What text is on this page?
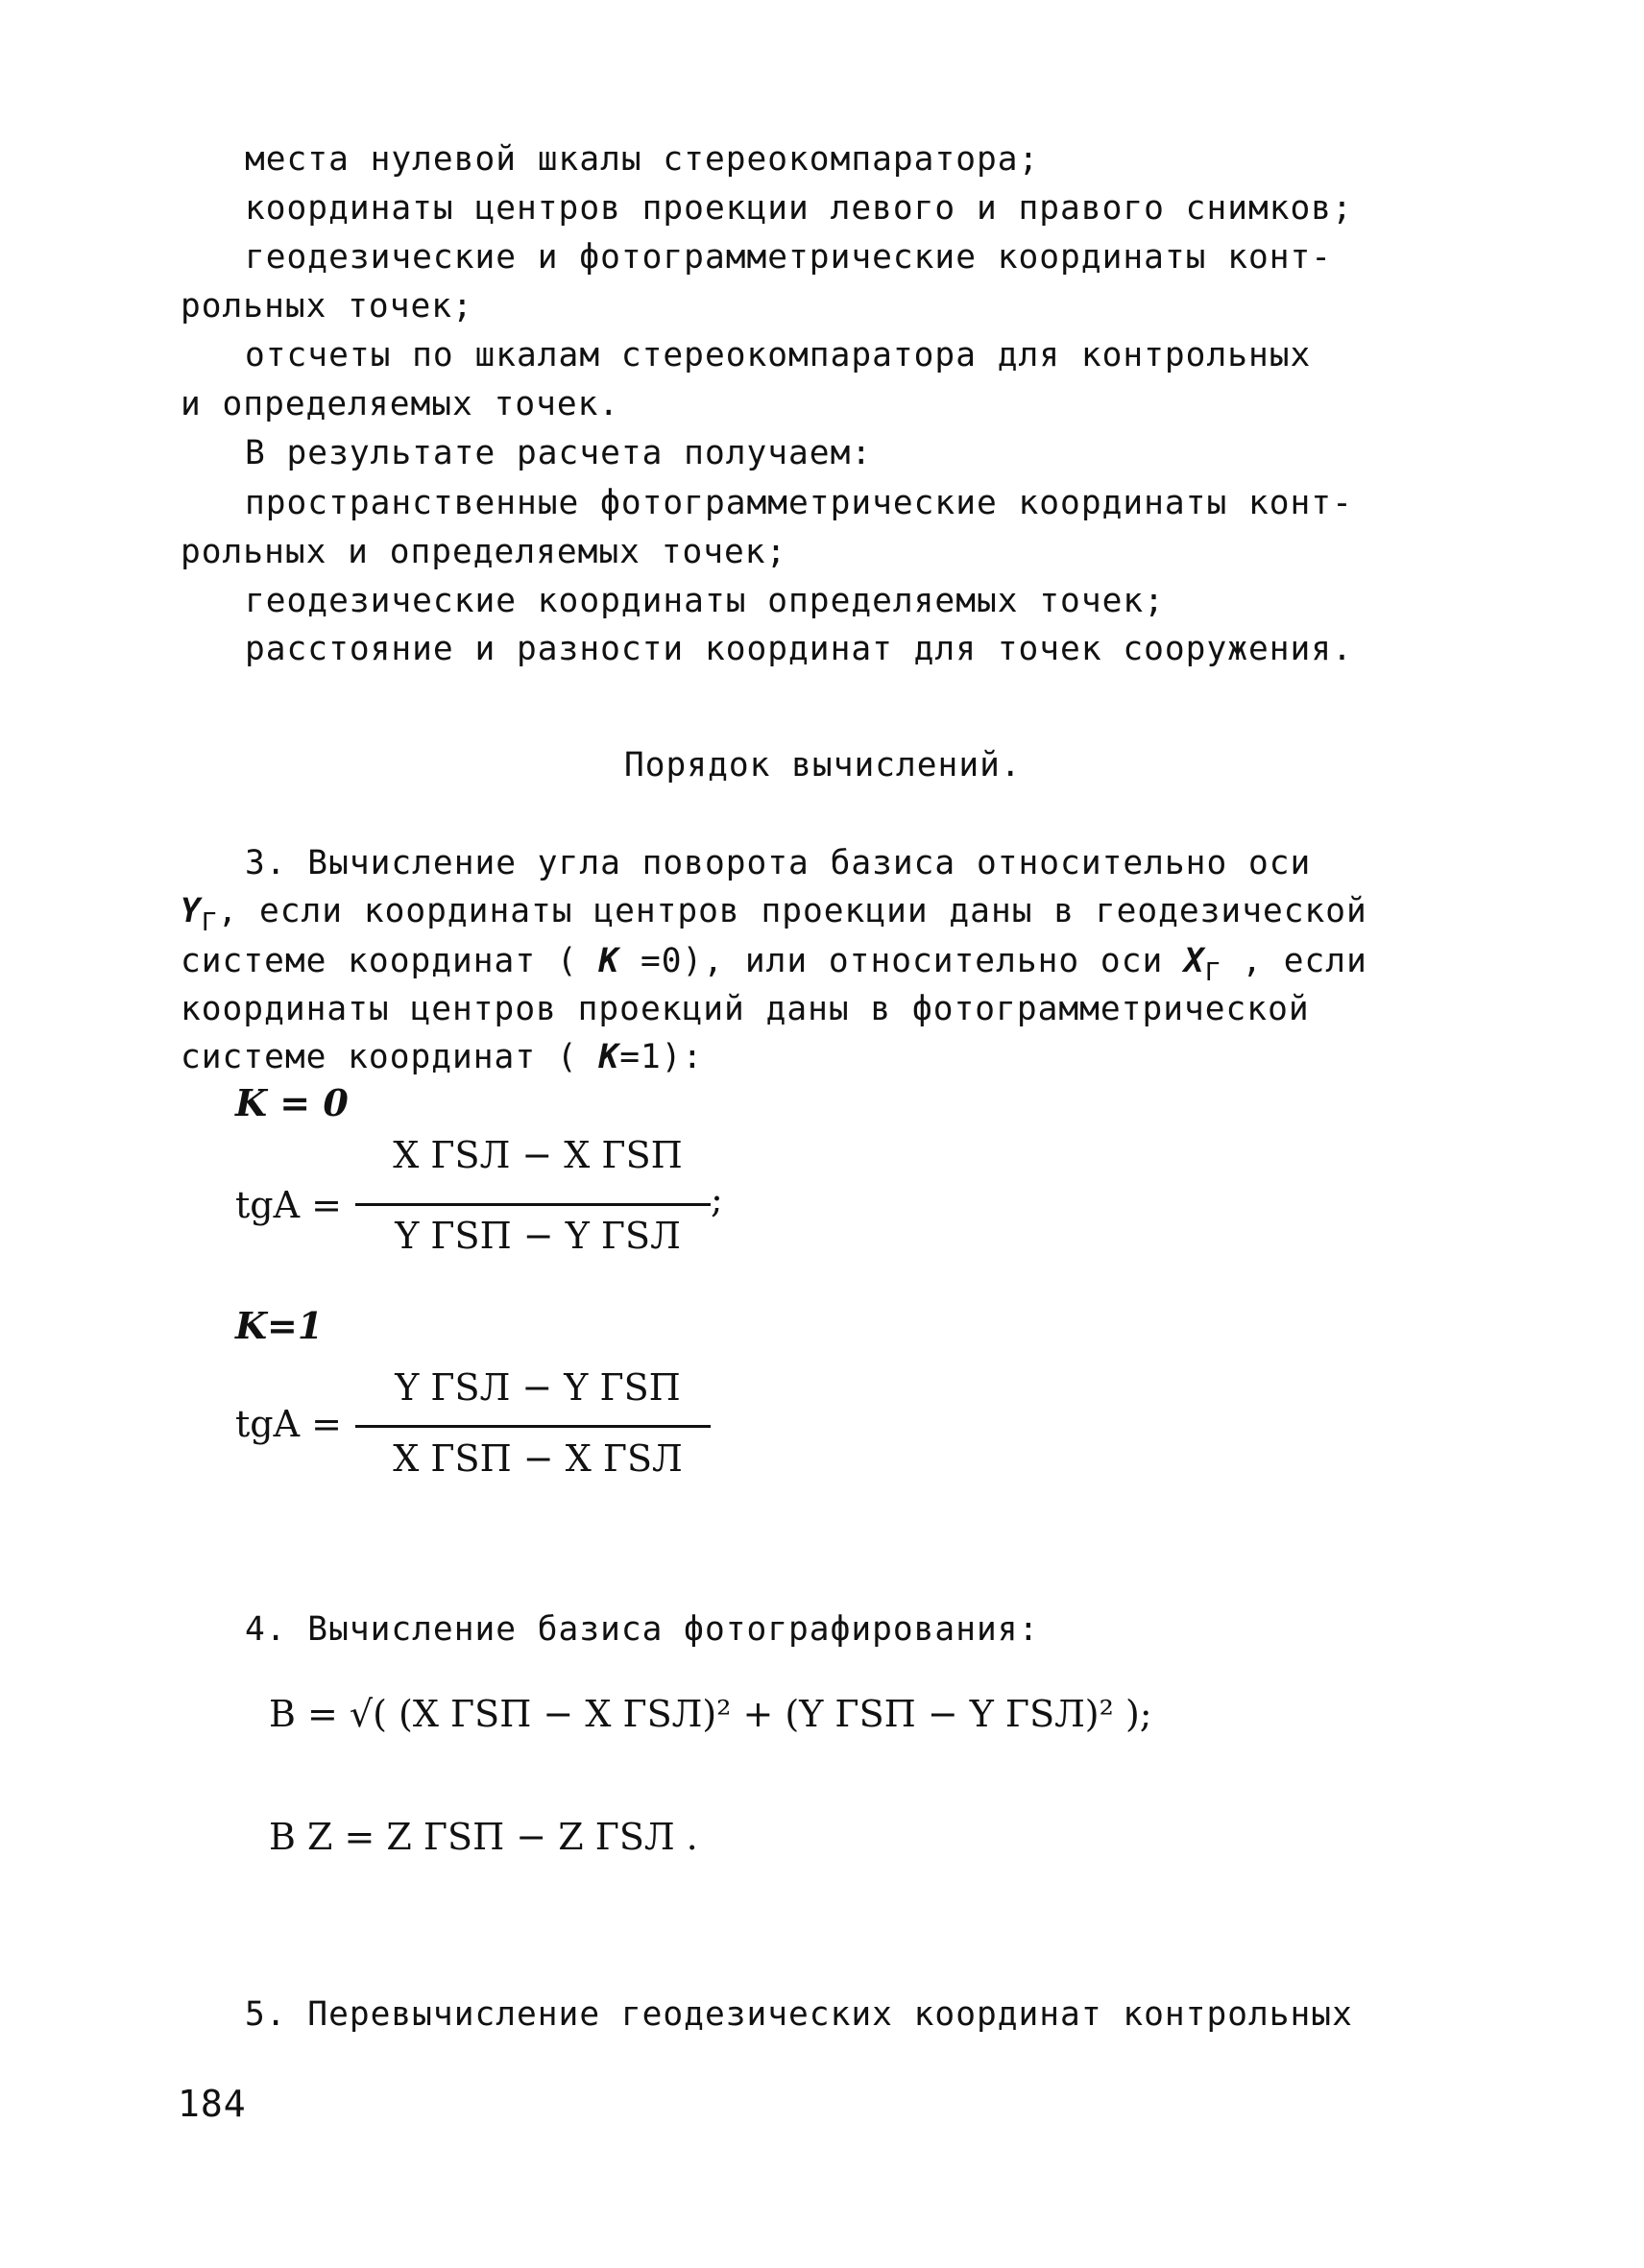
места нулевой шкалы стереокомпаратора;
координаты центров проекции левого и правого снимков;
геодезические и фотограмметрические координаты конт-
рольных точек;
отсчеты по шкалам стереокомпаратора для контрольных
и определяемых точек.
В результате расчета получаем:
пространственные фотограмметрические координаты конт-
рольных и определяемых точек;
геодезические координаты определяемых точек;
расстояние и разности координат для точек сооружения.
Порядок вычислений.
3. Вычисление угла поворота базиса относительно оси
$Y_Г$, если координаты центров проекции даны в геодезической
системе координат ( K =0), или относительно оси $X_Г$ , если
координаты центров проекций даны в фотограмметрической
системе координат ( K=1):
K = 0
tgA =
X ГSЛ − X ГSП
;
Y ГSП − Y ГSЛ
K=1
tgA =
Y ГSЛ − Y ГSП
X ГSП − X ГSЛ
4. Вычисление базиса фотографирования:
B = √( (X ГSП − X ГSЛ)² + (Y ГSП − Y ГSЛ)² );
B Z = Z ГSП − Z ГSЛ .
5. Перевычисление геодезических координат контрольных
184
